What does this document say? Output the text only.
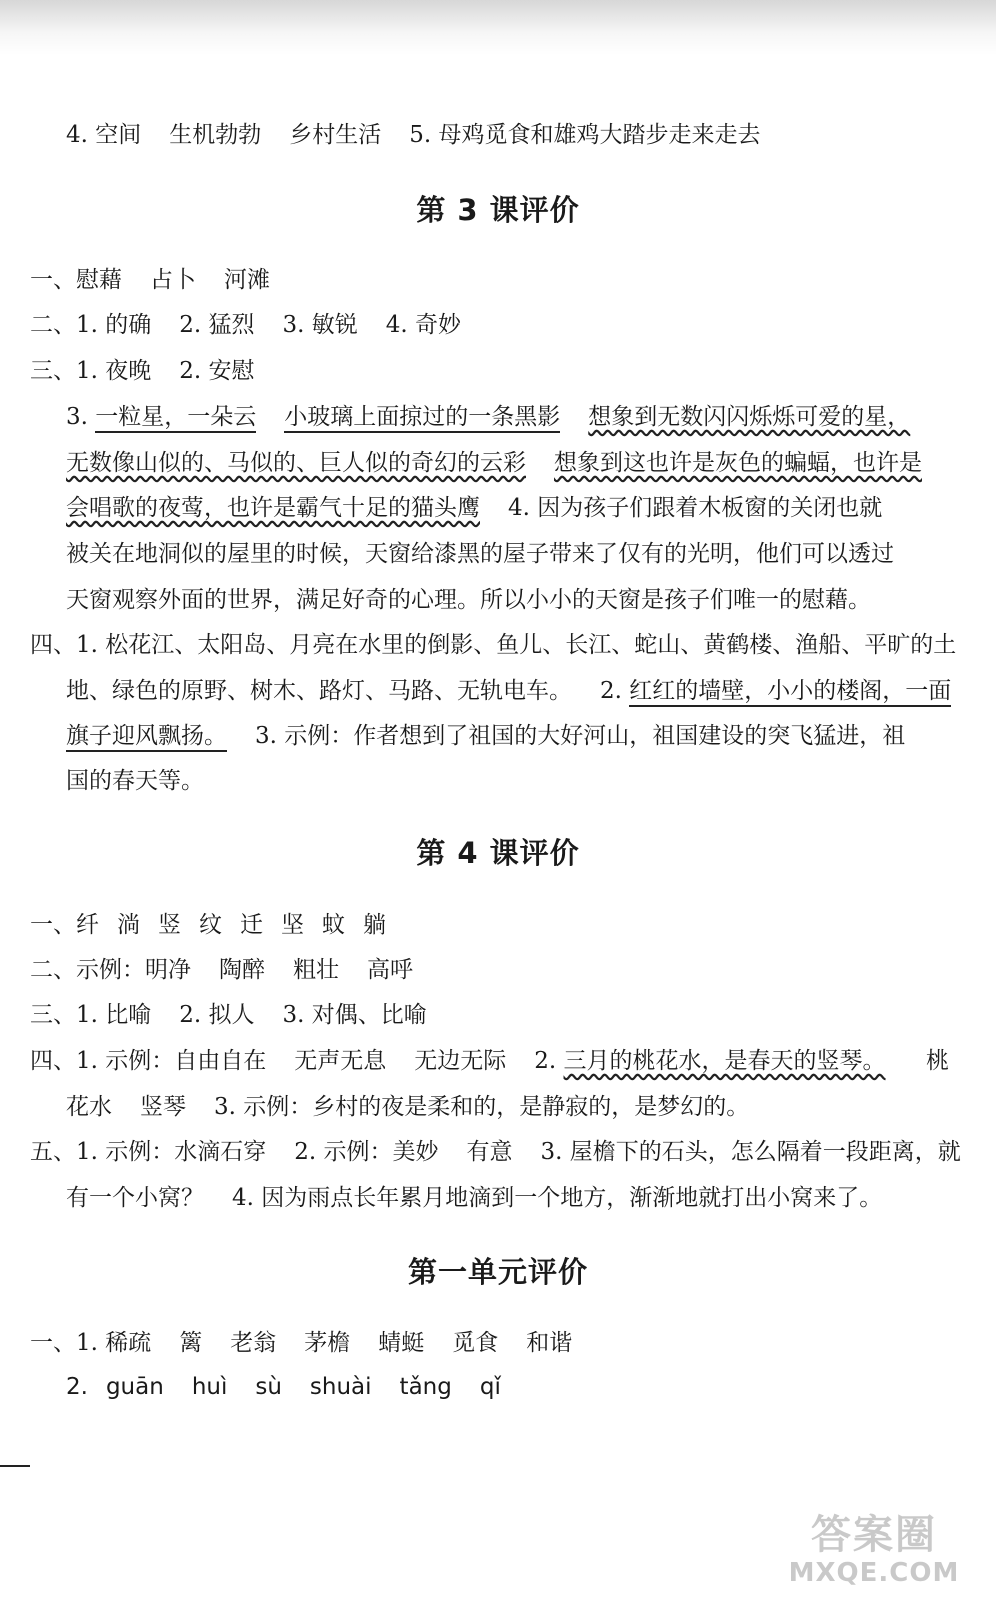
4. 空间 生机勃勃 乡村生活 5. 母鸡觅食和雄鸡大踏步走来走去
第 3 课评价
一、慰藉 占卜 河滩
二、1. 的确 2. 猛烈 3. 敏锐 4. 奇妙
三、1. 夜晚 2. 安慰
3. 一粒星，一朵云 小玻璃上面掠过的一条黑影 想象到无数闪闪烁烁可爱的星，
无数像山似的、马似的、巨人似的奇幻的云彩 想象到这也许是灰色的蝙蝠，也许是
会唱歌的夜莺，也许是霸气十足的猫头鹰 4. 因为孩子们跟着木板窗的关闭也就
被关在地洞似的屋里的时候，天窗给漆黑的屋子带来了仅有的光明，他们可以透过
天窗观察外面的世界，满足好奇的心理。所以小小的天窗是孩子们唯一的慰藉。
四、1. 松花江、太阳岛、月亮在水里的倒影、鱼儿、长江、蛇山、黄鹤楼、渔船、平旷的土
地、绿色的原野、树木、路灯、马路、无轨电车。 2. 红红的墙壁，小小的楼阁，一面
旗子迎风飘扬。 3. 示例：作者想到了祖国的大好河山，祖国建设的突飞猛进，祖
国的春天等。
第 4 课评价
一、纤 淌 竖 纹 迁 坚 蚊 躺
二、示例：明净 陶醉 粗壮 高呼
三、1. 比喻 2. 拟人 3. 对偶、比喻
四、1. 示例：自由自在 无声无息 无边无际 2. 三月的桃花水，是春天的竖琴。 桃
花水 竖琴 3. 示例：乡村的夜是柔和的，是静寂的，是梦幻的。
五、1. 示例：水滴石穿 2. 示例：美妙 有意 3. 屋檐下的石头，怎么隔着一段距离，就
有一个小窝？ 4. 因为雨点长年累月地滴到一个地方，渐渐地就打出小窝来了。
第一单元评价
一、1. 稀疏 篱 老翁 茅檐 蜻蜓 觅食 和谐
2. guān huì sù shuài tǎng qǐ
答案圈
MXQE.COM
